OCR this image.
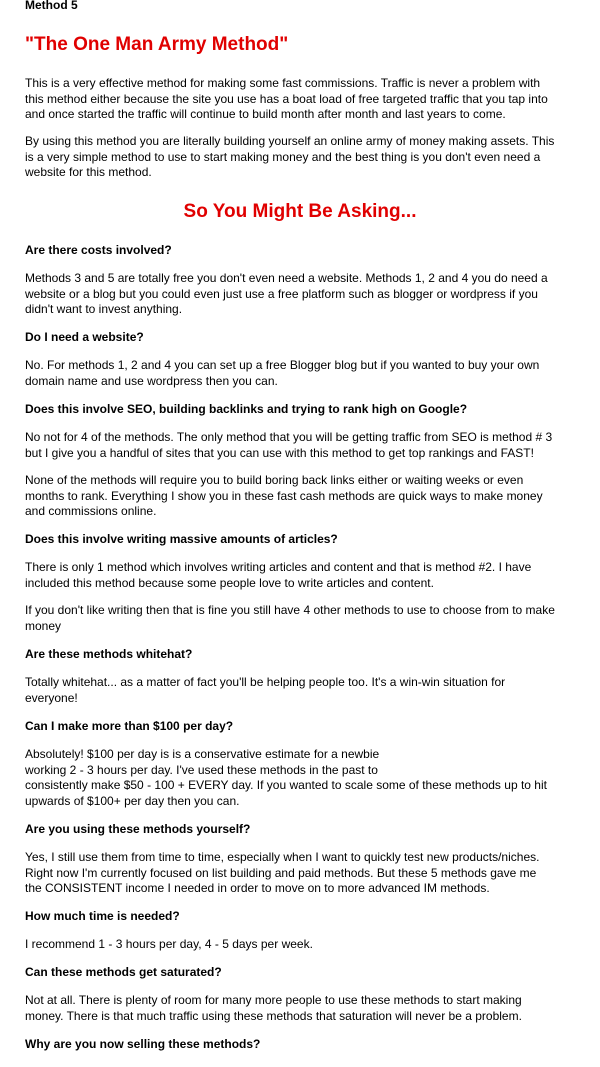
Method 5
"The One Man Army Method"

This is a very effective method for making some fast commissions. Traffic is never a problem with
this method either because the site you use has a boat load of free targeted traffic that you tap into
and once started the traffic will continue to build month after month and last years to come.

By using this method you are literally building yourself an online army of money making assets. This
is a very simple method to use to start making money and the best thing is you don't even need a
website for this method.

So You Might Be Asking...
Are there costs involved?

Methods 3 and 5 are totally free you don't even need a website. Methods 1, 2 and 4 you do need a
website or a blog but you could even just use a free platform such as blogger or wordpress if you
didn't want to invest anything.

Do I need a website?

No. For methods 1, 2 and 4 you can set up a free Blogger blog but if you wanted to buy your own
domain name and use wordpress then you can.

Does this involve SEO, building backlinks and trying to rank high on Google?

No not for 4 of the methods. The only method that you will be getting traffic from SEO is method # 3
but I give you a handful of sites that you can use with this method to get top rankings and FAST!

None of the methods will require you to build boring back links either or waiting weeks or even
months to rank. Everything I show you in these fast cash methods are quick ways to make money
and commissions online.

Does this involve writing massive amounts of articles?

There is only 1 method which involves writing articles and content and that is method #2. I have
included this method because some people love to write articles and content.

If you don't like writing then that is fine you still have 4 other methods to use to choose from to make
money

Are these methods whitehat?

Totally whitehat... as a matter of fact you'll be helping people too. It's a win-win situation for
everyone!

Can I make more than $100 per day?

Absolutely! $100 per day is is a conservative estimate for a newbie
working 2 - 3 hours per day. I've used these methods in the past to
consistently make $50 - 100 + EVERY day. If you wanted to scale some of these methods up to hit
upwards of $100+ per day then you can.

Are you using these methods yourself?

Yes, I still use them from time to time, especially when I want to quickly test new products/niches.
Right now I'm currently focused on list building and paid methods. But these 5 methods gave me
the CONSISTENT income I needed in order to move on to more advanced IM methods.

How much time is needed?

I recommend 1 - 3 hours per day, 4 - 5 days per week.

Can these methods get saturated?

Not at all. There is plenty of room for many more people to use these methods to start making
money. There is that much traffic using these methods that saturation will never be a problem.

Why are you now selling these methods?
